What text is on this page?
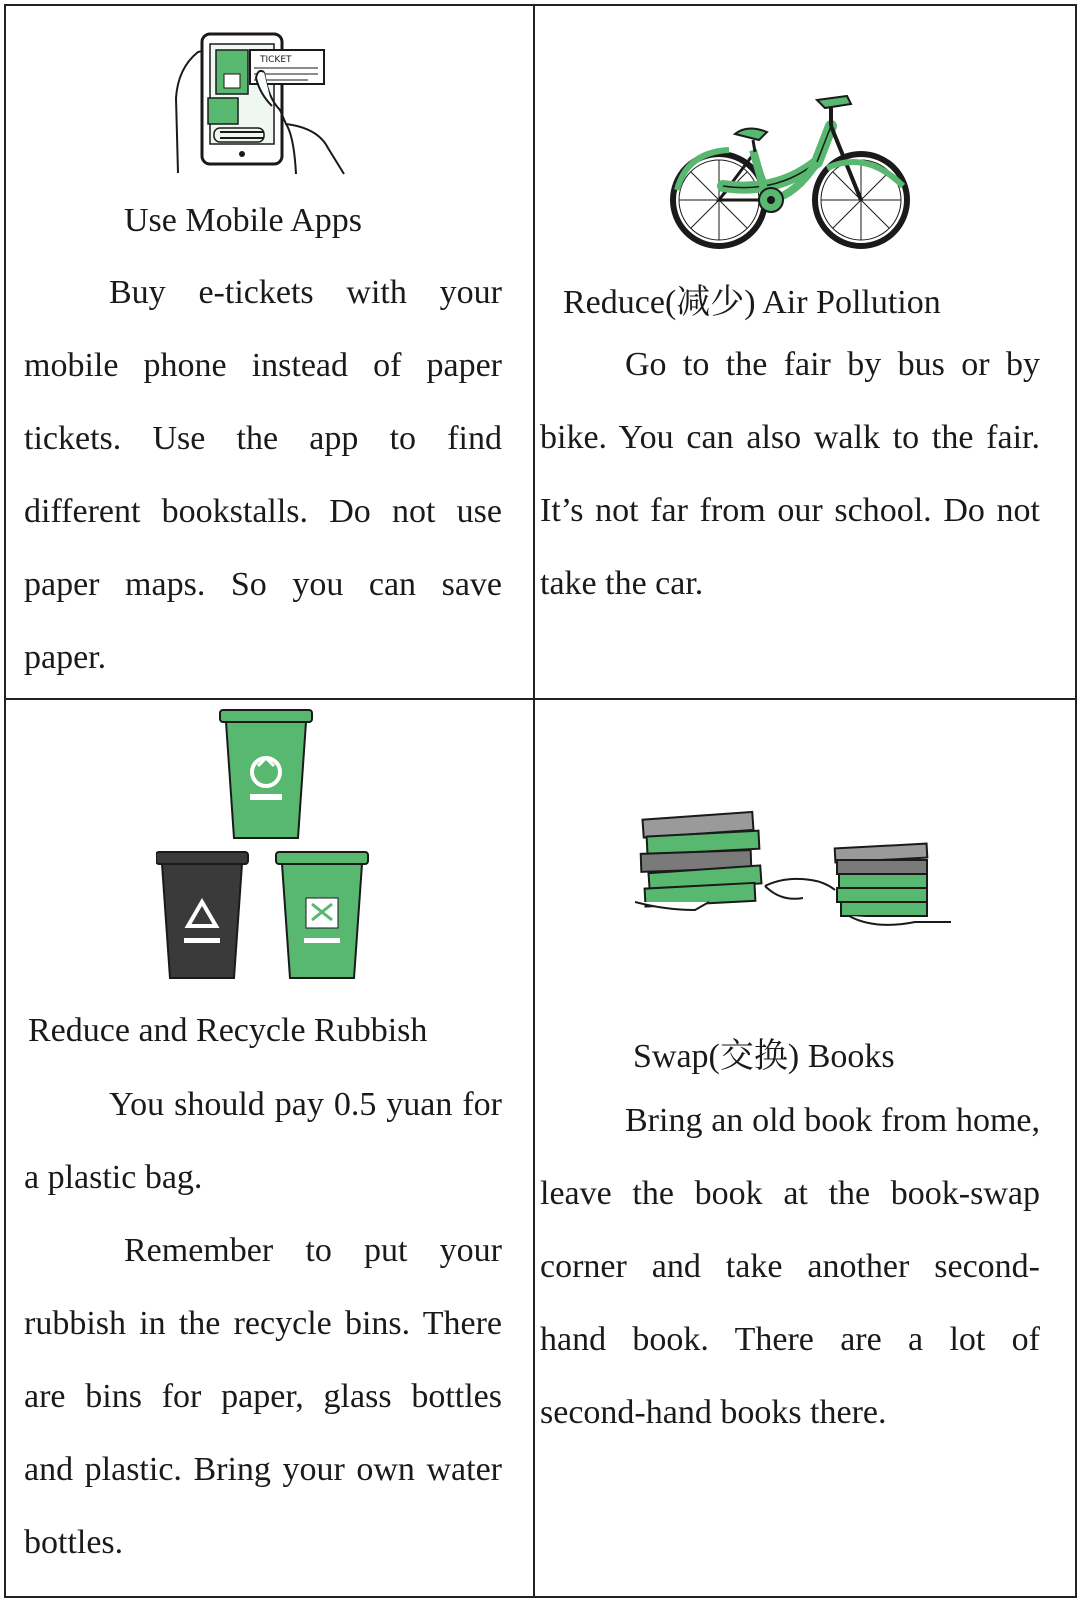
TICKET
Use Mobile Apps
Buy e-tickets with your mobile phone instead of paper tickets. Use the app to find different bookstalls. Do not use paper maps. So you can save paper.
Reduce(减少) Air Pollution
Go to the fair by bus or by bike. You can also walk to the fair. It’s not far from our school. Do not take the car.
Reduce and Recycle Rubbish
You should pay 0.5 yuan for a plastic bag.
Remember to put your rubbish in the recycle bins. There are bins for paper, glass bottles and plastic. Bring your own water bottles.
Swap(交换) Books
Bring an old book from home, leave the book at the book-swap corner and take another second-hand book. There are a lot of second-hand books there.
